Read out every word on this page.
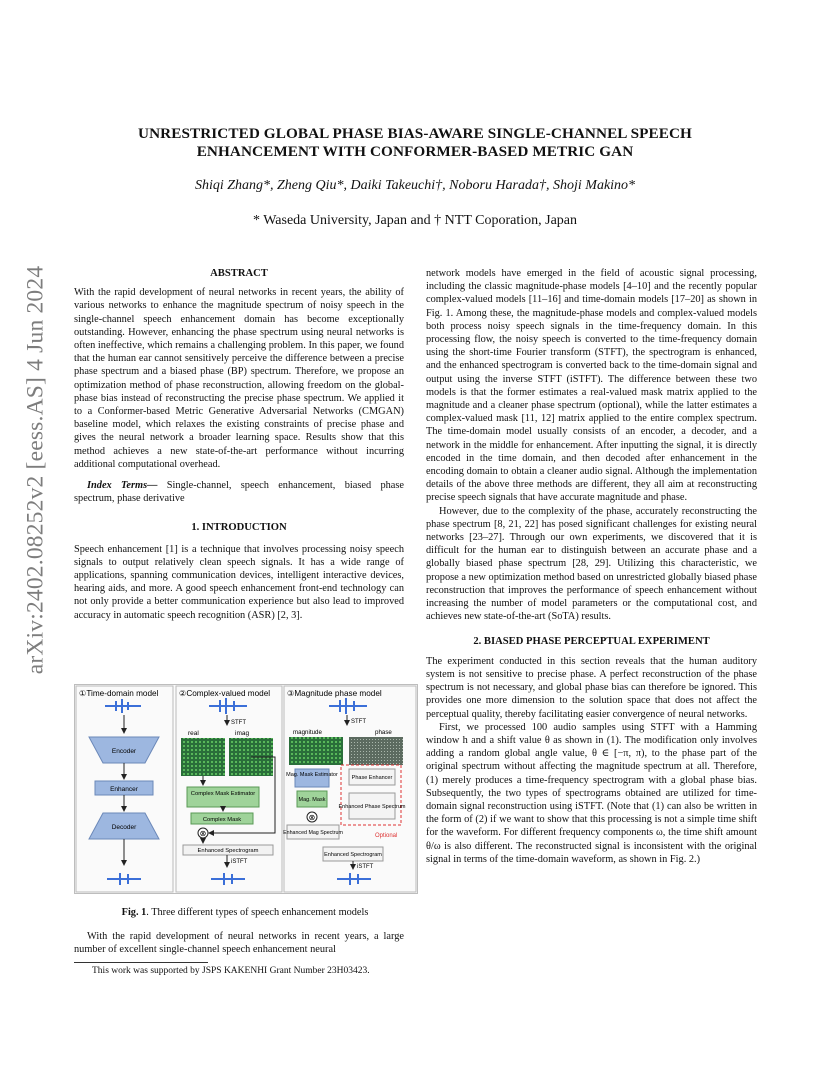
arXiv:2402.08252v2 [eess.AS] 4 Jun 2024
UNRESTRICTED GLOBAL PHASE BIAS-AWARE SINGLE-CHANNEL SPEECH
ENHANCEMENT WITH CONFORMER-BASED METRIC GAN
Shiqi Zhang*, Zheng Qiu*, Daiki Takeuchi†, Noboru Harada†, Shoji Makino*
* Waseda University, Japan and † NTT Coporation, Japan

ABSTRACT

With the rapid development of neural networks in recent years, the ability of various networks to enhance the magnitude spectrum of noisy speech in the single-channel speech enhancement domain has become exceptionally outstanding. However, enhancing the phase spectrum using neural networks is often ineffective, which remains a challenging problem. In this paper, we found that the human ear cannot sensitively perceive the difference between a precise phase spectrum and a biased phase (BP) spectrum. Therefore, we propose an optimization method of phase reconstruction, allowing freedom on the global-phase bias instead of reconstructing the precise phase spectrum. We applied it to a Conformer-based Metric Generative Adversarial Networks (CMGAN) baseline model, which relaxes the existing constraints of precise phase and gives the neural network a broader learning space. Results show that this method achieves a new state-of-the-art performance without incurring additional computational overhead.

Index Terms— Single-channel, speech enhancement, biased phase spectrum, phase derivative

1. INTRODUCTION

Speech enhancement [1] is a technique that involves processing noisy speech signals to output relatively clean speech signals. It has a wide range of applications, spanning communication devices, intelligent interactive devices, hearing aids, and more. A good speech enhancement front-end technology can not only provide a better communication experience but also lead to improved accuracy in automatic speech recognition (ASR) [2, 3].

①Time-domain model	②Complex-valued model ③Magnitude phase model
Encoder
Enhancer
Decoder
STFT
real	imag
Complex Mask Estimator
Complex Mask
⊗
Enhanced Spectrogram
iSTFT
STFT
magnitude	phase
Mag. Mask Estimator
Mag. Mask
Phase Enhancer
Enhanced Phase Spectrum
Optional
⊗
Enhanced Mag Spectrum
Enhanced Spectrogram
iSTFT
Fig. 1. Three different types of speech enhancement models
With the rapid development of neural networks in recent years, a large number of excellent single-channel speech enhancement neural
This work was supported by JSPS KAKENHI Grant Number 23H03423.

network models have emerged in the field of acoustic signal processing, including the classic magnitude-phase models [4–10] and the recently popular complex-valued models [11–16] and time-domain models [17–20] as shown in Fig. 1. Among these, the magnitude-phase models and complex-valued models both process noisy speech signals in the time-frequency domain. In this processing flow, the noisy speech is converted to the time-frequency domain using the short-time Fourier transform (STFT), the spectrogram is enhanced, and the enhanced spectrogram is converted back to the time-domain signal and output using the inverse STFT (iSTFT). The difference between these two models is that the former estimates a real-valued mask matrix applied to the magnitude and a cleaner phase spectrum (optional), while the latter estimates a complex-valued mask [11, 12] matrix applied to the entire complex spectrum. The time-domain model usually consists of an encoder, a decoder, and a network in the middle for enhancement. After inputting the signal, it is directly encoded in the time domain, and then decoded after enhancement in the encoding domain to obtain a cleaner audio signal. Although the implementation details of the above three methods are different, they all aim at reconstructing precise speech signals that have accurate magnitude and phase.

However, due to the complexity of the phase, accurately reconstructing the phase spectrum [8, 21, 22] has posed significant challenges for existing neural networks [23–27]. Through our own experiments, we discovered that it is difficult for the human ear to distinguish between an accurate phase and a globally biased phase spectrum [28, 29]. Utilizing this characteristic, we propose a new optimization method based on unrestricted globally biased phase reconstruction that improves the performance of speech enhancement without increasing the number of model parameters or the computational cost, and achieves new state-of-the-art (SoTA) results.

2. BIASED PHASE PERCEPTUAL EXPERIMENT

The experiment conducted in this section reveals that the human auditory system is not sensitive to precise phase. A perfect reconstruction of the phase spectrum is not necessary, and global phase bias can therefore be ignored. This provides one more dimension to the solution space that does not affect the perceptual quality, thereby facilitating easier convergence of neural networks.

First, we processed 100 audio samples using STFT with a Hamming window h and a shift value θ as shown in (1). The modification only involves adding a random global angle value, θ ∈ [−π, π), to the phase part of the original spectrum without affecting the magnitude spectrum at all. Therefore, (1) merely produces a time-frequency spectrogram with a global phase bias. Subsequently, the two types of spectrograms obtained are utilized for time-domain signal reconstruction using iSTFT. (Note that (1) can also be written in the form of (2) if we want to show that this processing is not a simple time shift for the waveform. For different frequency components ω, the time shift amount θ/ω is also different. The reconstructed signal is inconsistent with the original signal in terms of the time-domain waveform, as shown in Fig. 2.)
